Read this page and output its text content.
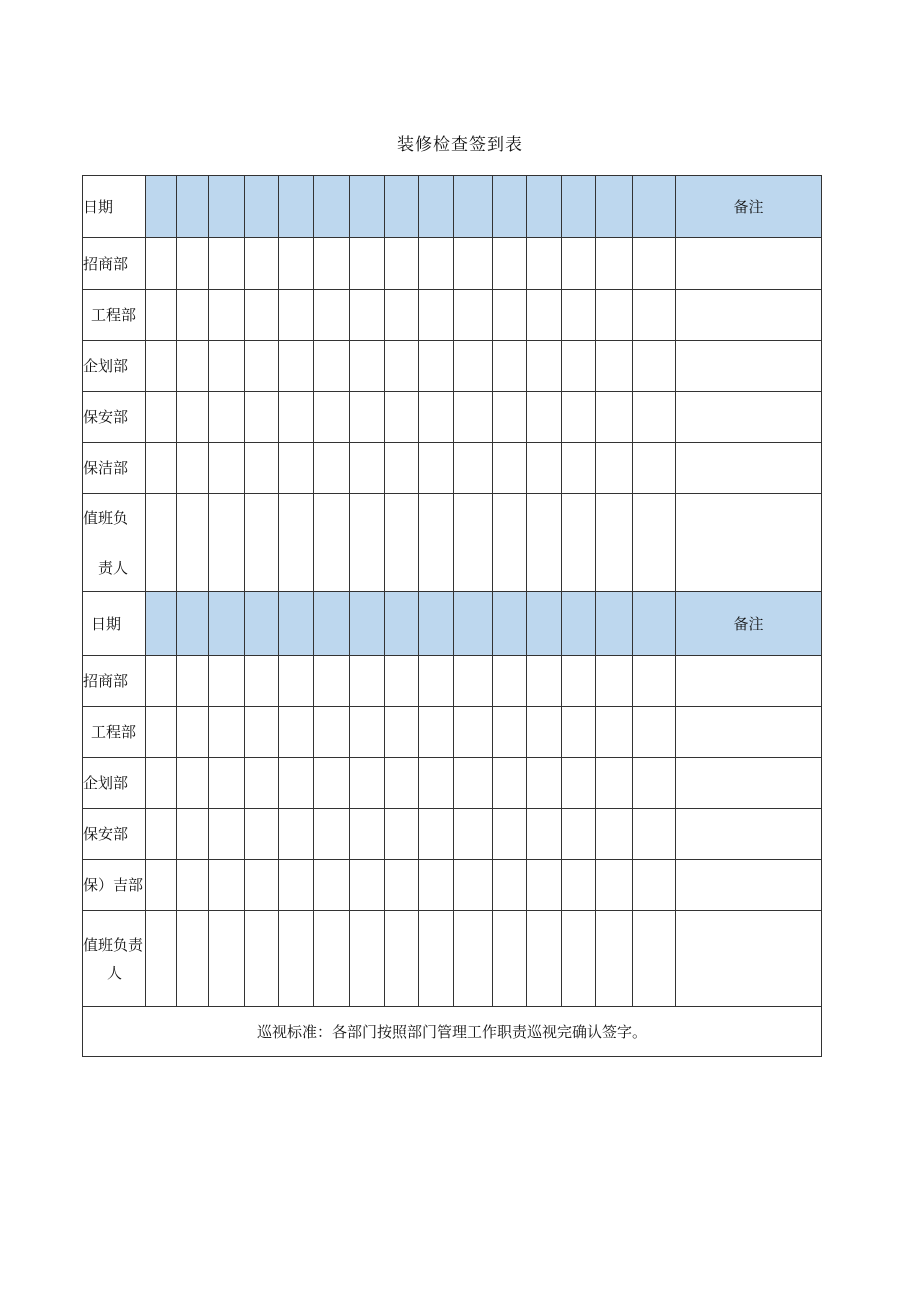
装修检查签到表
日期																备注
招商部																
工程部																
企划部																
保安部																
保洁部																

值班负
责人																

日期																备注
招商部																
工程部																
企划部																
保安部																
保）吉部																

值班负责
人																

巡视标准：各部门按照部门管理工作职责巡视完确认签字。																
